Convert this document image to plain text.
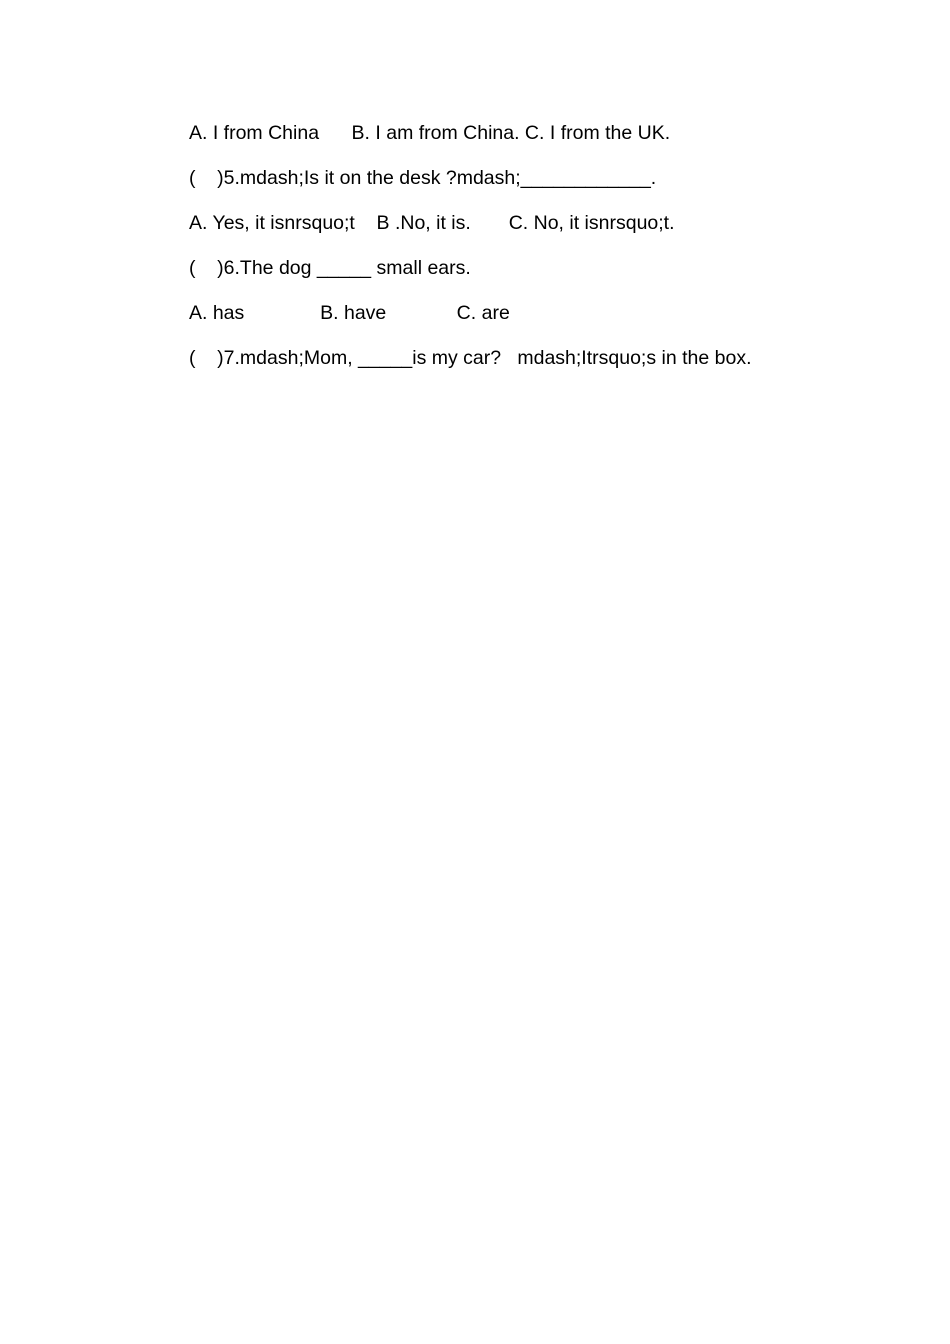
A. I from China      B. I am from China. C. I from the UK.
(    )5.mdash;Is it on the desk ?mdash;____________.
A. Yes, it isnrsquo;t    B .No, it is.       C. No, it isnrsquo;t.
(    )6.The dog _____ small ears.
A. has              B. have             C. are
(    )7.mdash;Mom, _____is my car?   mdash;Itrsquo;s in the box.
